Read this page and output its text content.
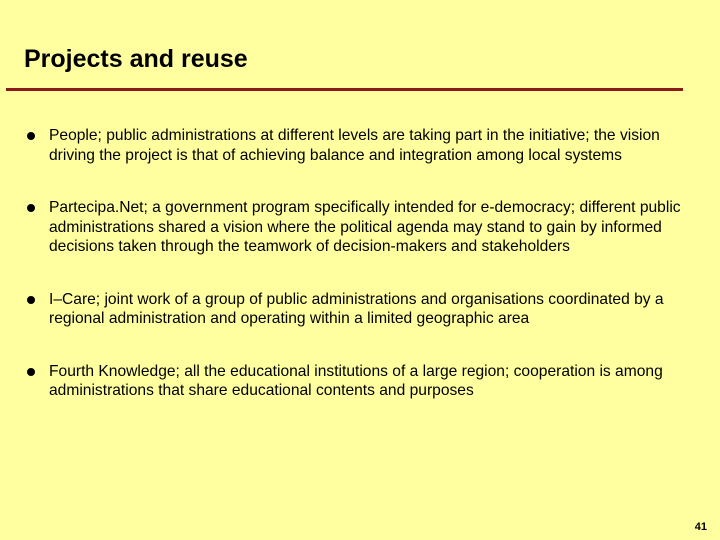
Projects and reuse
People; public administrations at different levels are taking part in the initiative; the vision driving the project is that of achieving balance and integration among local systems
Partecipa.Net; a government program specifically intended for e-democracy; different public administrations shared a vision where the political agenda may stand to gain by informed decisions taken through the teamwork of decision-makers and stakeholders
I–Care; joint work of a group of public administrations and organisations coordinated by a regional administration and operating within a limited geographic area
Fourth Knowledge; all the educational institutions of a large region; cooperation is among administrations that share educational contents and purposes
41
